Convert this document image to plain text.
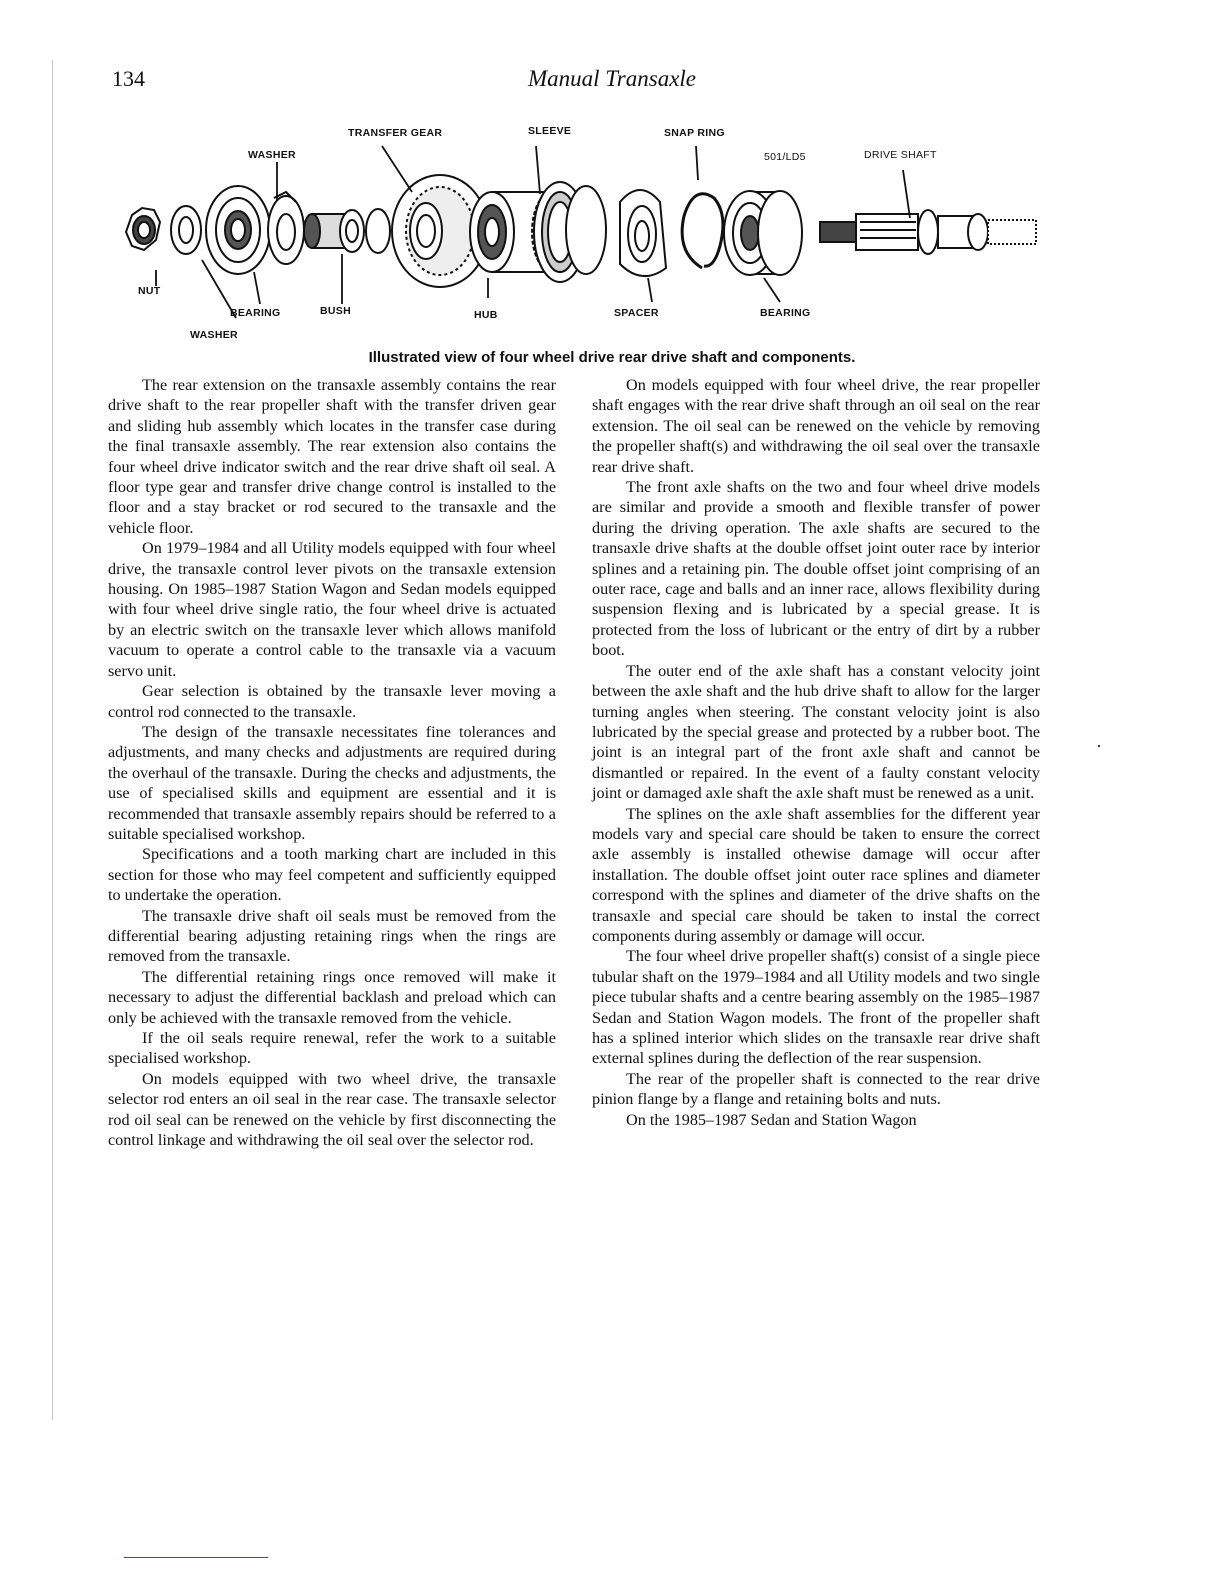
134	Manual Transaxle
TRANSFER GEAR	SLEEVE	SNAP RING
WASHER	501/LD5	DRIVE SHAFT
NUT
BEARING	BUSH	HUB	SPACER	BEARING
WASHER
Illustrated view of four wheel drive rear drive shaft and components.

The rear extension on the transaxle assembly contains the rear drive shaft to the rear propeller shaft with the transfer driven gear and sliding hub assembly which locates in the transfer case during the final transaxle assembly. The rear extension also contains the four wheel drive indicator switch and the rear drive shaft oil seal. A floor type gear and transfer drive change control is installed to the floor and a stay bracket or rod secured to the transaxle and the vehicle floor.

On 1979–1984 and all Utility models equipped with four wheel drive, the transaxle control lever pivots on the transaxle extension housing. On 1985–1987 Station Wagon and Sedan models equipped with four wheel drive single ratio, the four wheel drive is actuated by an electric switch on the transaxle lever which allows manifold vacuum to operate a control cable to the transaxle via a vacuum servo unit.

Gear selection is obtained by the transaxle lever moving a control rod connected to the transaxle.

The design of the transaxle necessitates fine tolerances and adjustments, and many checks and adjustments are required during the overhaul of the transaxle. During the checks and adjustments, the use of specialised skills and equipment are essential and it is recommended that transaxle assembly repairs should be referred to a suitable specialised workshop.

Specifications and a tooth marking chart are included in this section for those who may feel competent and sufficiently equipped to undertake the operation.

The transaxle drive shaft oil seals must be removed from the differential bearing adjusting retaining rings when the rings are removed from the transaxle.

The differential retaining rings once removed will make it necessary to adjust the differential backlash and preload which can only be achieved with the transaxle removed from the vehicle.

If the oil seals require renewal, refer the work to a suitable specialised workshop.

On models equipped with two wheel drive, the transaxle selector rod enters an oil seal in the rear case. The transaxle selector rod oil seal can be renewed on the vehicle by first disconnecting the control linkage and withdrawing the oil seal over the selector rod.

On models equipped with four wheel drive, the rear propeller shaft engages with the rear drive shaft through an oil seal on the rear extension. The oil seal can be renewed on the vehicle by removing the propeller shaft(s) and withdrawing the oil seal over the transaxle rear drive shaft.

The front axle shafts on the two and four wheel drive models are similar and provide a smooth and flexible transfer of power during the driving operation. The axle shafts are secured to the transaxle drive shafts at the double offset joint outer race by interior splines and a retaining pin. The double offset joint comprising of an outer race, cage and balls and an inner race, allows flexibility during suspension flexing and is lubricated by a special grease. It is protected from the loss of lubricant or the entry of dirt by a rubber boot.

The outer end of the axle shaft has a constant velocity joint between the axle shaft and the hub drive shaft to allow for the larger turning angles when steering. The constant velocity joint is also lubricated by the special grease and protected by a rubber boot. The joint is an integral part of the front axle shaft and cannot be dismantled or repaired. In the event of a faulty constant velocity joint or damaged axle shaft the axle shaft must be renewed as a unit.

The splines on the axle shaft assemblies for the different year models vary and special care should be taken to ensure the correct axle assembly is installed othewise damage will occur after installation. The double offset joint outer race splines and diameter correspond with the splines and diameter of the drive shafts on the transaxle and special care should be taken to instal the correct components during assembly or damage will occur.

The four wheel drive propeller shaft(s) consist of a single piece tubular shaft on the 1979–1984 and all Utility models and two single piece tubular shafts and a centre bearing assembly on the 1985–1987 Sedan and Station Wagon models. The front of the propeller shaft has a splined interior which slides on the transaxle rear drive shaft external splines during the deflection of the rear suspension.

The rear of the propeller shaft is connected to the rear drive pinion flange by a flange and retaining bolts and nuts.

On the 1985–1987 Sedan and Station Wagon
